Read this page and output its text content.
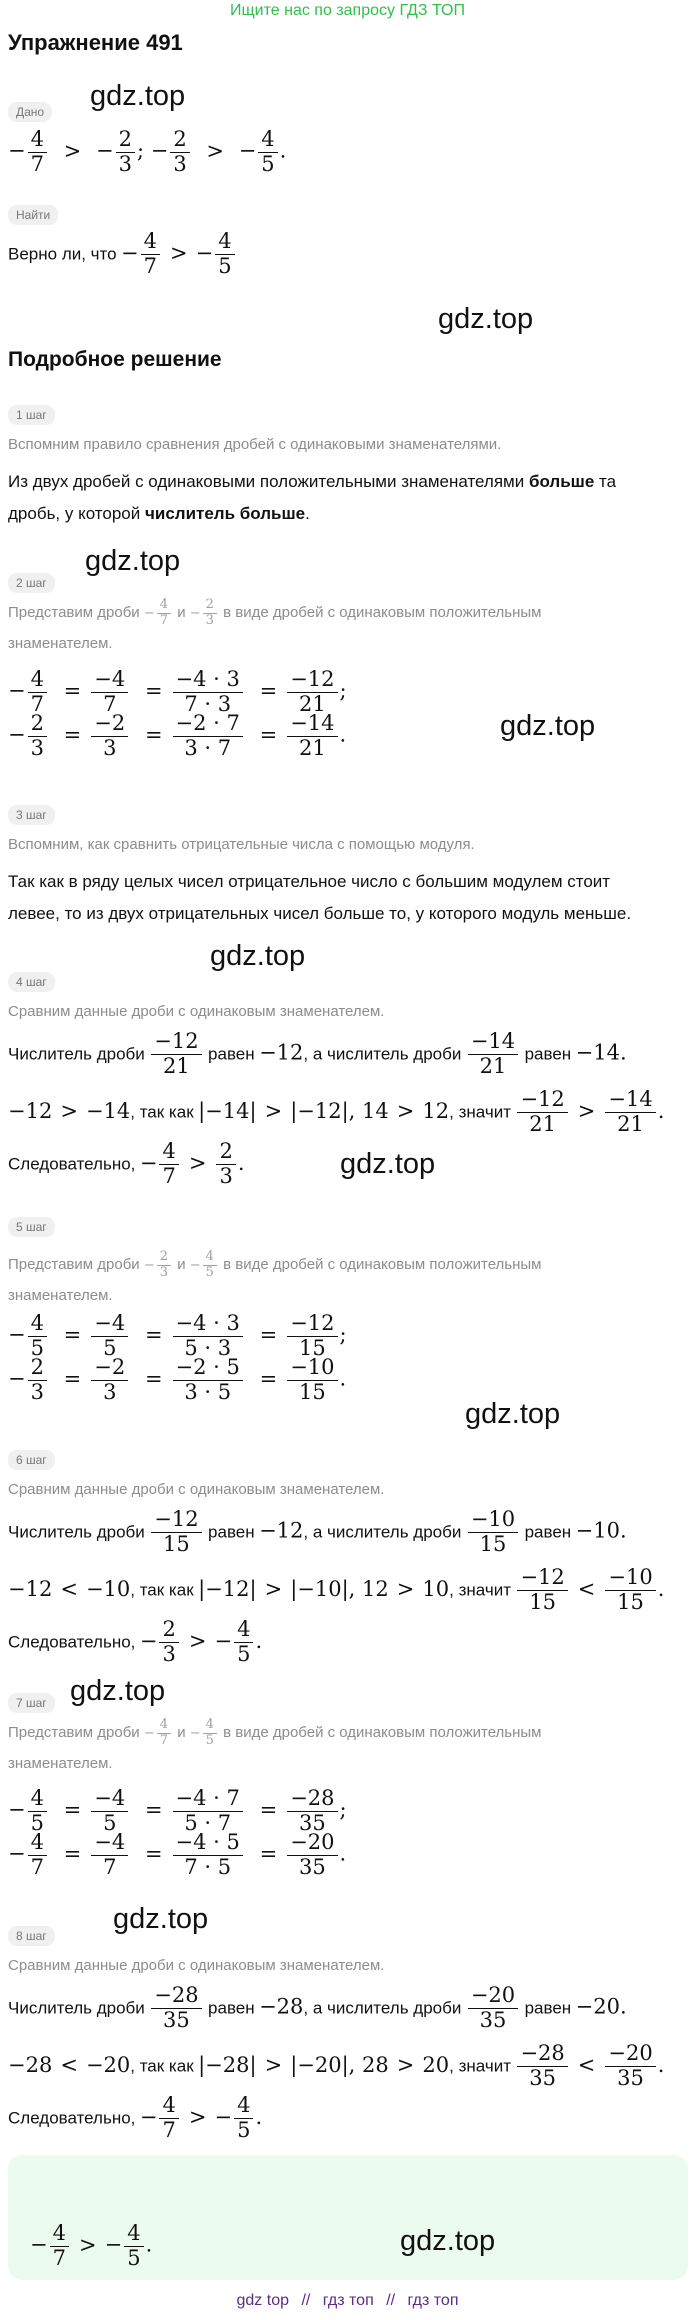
Ищите нас по запросу ГДЗ ТОП
Упражнение 491
Дано gdz.top
− $\frac{4}{7}$ > − $\frac{2}{3}$ ; − $\frac{2}{3}$ > − $\frac{4}{5}$ .
Найти
Верно ли, что − $\frac{4}{7}$ > − $\frac{4}{5}$
gdz.top
Подробное решение
1 шаг
Вспомним правило сравнения дробей с одинаковыми знаменателями.
Из двух дробей с одинаковыми положительными знаменателями больше та
дробь, у которой числитель больше.
gdz.top
2 шаг
Представим дроби − $\frac{4}{7}$ $и - \frac{2}{3}$ в виде дробей с одинаковым положительным
знаменателем.
− $\frac{4}{7} = \frac{-4}{7} = \frac{-4 \cdot 3}{7 \cdot 3} = \frac{-12}{21}$ ;
− $\frac{2}{3} = \frac{-2}{3} = \frac{-2 \cdot 7}{3 \cdot 7} = \frac{-14}{21}$ .	gdz.top
3 шаг
Вспомним, как сравнить отрицательные числа с помощью модуля.
Так как в ряду целых чисел отрицательное число с большим модулем стоит
левее, то из двух отрицательных чисел больше то, у которого модуль меньше.
gdz.top
4 шаг
Сравним данные дроби с одинаковым знаменателем.
Числитель дроби $\frac{-12}{21}$ равен −12, а числитель дроби $\frac{-14}{21}$ равен −14.
−12 > −14, так как |−14| > |−12|, 14 > 12, значит $\frac{-12}{21} > \frac{-14}{21}$ .
Следовательно, − $\frac{4}{7} > \frac{2}{3}$ .	gdz.top
5 шаг
Представим дроби − $\frac{2}{3}$ $и - \frac{4}{5}$ в виде дробей с одинаковым положительным
знаменателем.
− $\frac{4}{5} = \frac{-4}{5} = \frac{-4 \cdot 3}{5 \cdot 3} = \frac{-12}{15}$ ;
− $\frac{2}{3} = \frac{-2}{3} = \frac{-2 \cdot 5}{3 \cdot 5} = \frac{-10}{15}$ .
gdz.top
6 шаг
Сравним данные дроби с одинаковым знаменателем.
Числитель дроби $\frac{-12}{15}$ равен −12, а числитель дроби $\frac{-10}{15}$ равен −10.
−12 < −10, так как |−12| > |−10|, 12 > 10, значит $\frac{-12}{15} < \frac{-10}{15}$ .
Следовательно, − $\frac{2}{3}$ > − $\frac{4}{5}$ .
gdz.top
7 шаг
Представим дроби − $\frac{4}{7}$ $и - \frac{4}{5}$ в виде дробей с одинаковым положительным
знаменателем.
− $\frac{4}{5} = \frac{-4}{5} = \frac{-4 \cdot 7}{5 \cdot 7} = \frac{-28}{35}$ ;
− $\frac{4}{7} = \frac{-4}{7} = \frac{-4 \cdot 5}{7 \cdot 5} = \frac{-20}{35}$ .
gdz.top
8 шаг
Сравним данные дроби с одинаковым знаменателем.
Числитель дроби $\frac{-28}{35}$ равен −28, а числитель дроби $\frac{-20}{35}$ равен −20.
−28 < −20, так как |−28| > |−20|, 28 > 20, значит $\frac{-28}{35} < \frac{-20}{35}$ .
Следовательно, − $\frac{4}{7}$ > − $\frac{4}{5}$ .
− $\frac{4}{7}$ > − $\frac{4}{5}$ .	gdz.top
gdz top // гдз топ // гдз топ
